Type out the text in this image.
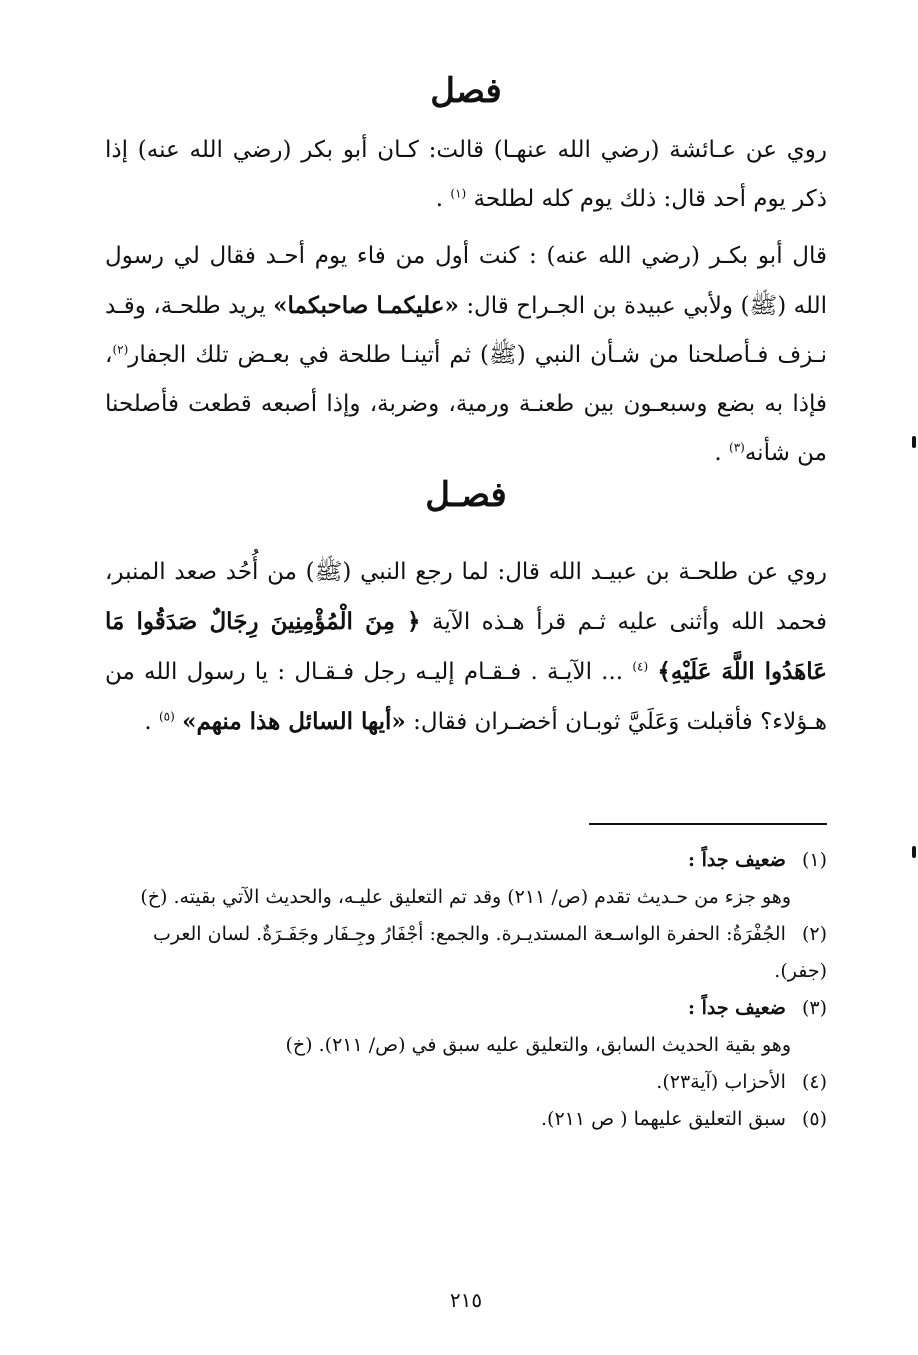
فصل

روي عن عـائشة (رضي الله عنهـا) قالت: كـان أبو بكر (رضي الله عنه) إذا ذكر يوم أحد قال: ذلك يوم كله لطلحة $^{(١)}$ .

قال أبو بكـر (رضي الله عنه) : كنت أول من فاء يوم أحـد فقال لي رسول الله (ﷺ) ولأبي عبيدة بن الجـراح قال: «عليكمـا صاحبكما» يريد طلحـة، وقـد نـزف فـأصلحنا من شـأن النبي (ﷺ) ثم أتينـا طلحة في بعـض تلك الجفار$^{(٢)}$، فإذا به بضع وسبعـون بين طعنـة ورمية، وضربة، وإذا أصبعه قطعت فأصلحنا من شأنه$^{(٣)}$ .

فصـل

روي عن طلحـة بن عبيـد الله قال: لما رجع النبي (ﷺ) من أُحُد صعد المنبر، فحمد الله وأثنى عليه ثـم قرأ هـذه الآية ﴿ مِنَ الْمُؤْمِنِينَ رِجَالٌ صَدَقُوا مَا عَاهَدُوا اللَّهَ عَلَيْهِ﴾ $^{(٤)}$ ... الآيـة . فـقـام إليـه رجل فـقـال : يا رسول الله من هـؤلاء؟ فأقبلت وَعَلَيَّ ثوبـان أخضـران فقال: «أيها السائل هذا منهم» $^{(٥)}$ .

(١) ضعيف جداً :

وهو جزء من حـديث تقدم (ص/ ٢١١) وقد تم التعليق عليـه، والحديث الآتي بقيته. (خ)

(٢) الجُفْرَةُ: الحفرة الواسـعة المستديـرة. والجمع: أجْفَارُ وجِـفَار وجَفَـرَةٌ. لسان العرب (جفر).

(٣) ضعيف جداً :

وهو بقية الحديث السابق، والتعليق عليه سبق في (ص/ ٢١١). (خ)

(٤) الأحزاب (آية٢٣).

(٥) سبق التعليق عليهما ( ص ٢١١).

٢١٥
